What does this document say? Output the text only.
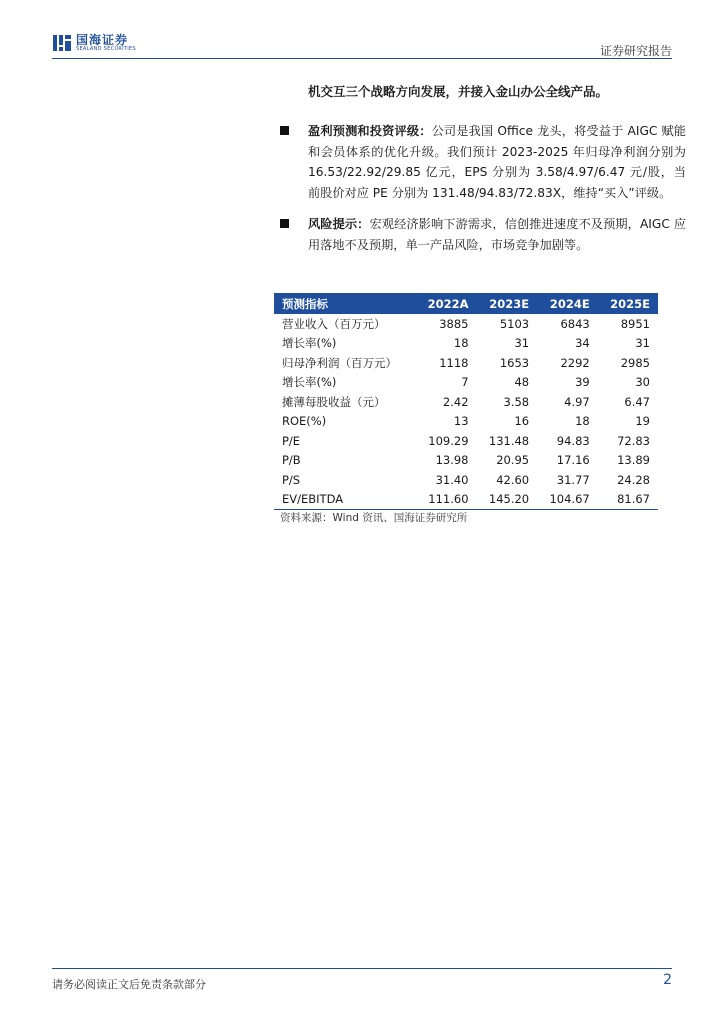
国海证券
SEALAND SECURITIES	证券研究报告
机交互三个战略方向发展，并接入金山办公全线产品。
盈利预测和投资评级：公司是我国 Office 龙头，将受益于 AIGC 赋能和会员体系的优化升级。我们预计 2023-2025 年归母净利润分别为 16.53/22.92/29.85 亿元，EPS 分别为 3.58/4.97/6.47 元/股，当前股价对应 PE 分别为 131.48/94.83/72.83X，维持“买入”评级。
风险提示：宏观经济影响下游需求，信创推进速度不及预期，AIGC 应用落地不及预期，单一产品风险，市场竞争加剧等。
预测指标	2022A	2023E	2024E	2025E
营业收入（百万元）	3885	5103	6843	8951
增长率(%)	18	31	34	31
归母净利润（百万元）	1118	1653	2292	2985
增长率(%)	7	48	39	30
摊薄每股收益（元）	2.42	3.58	4.97	6.47
ROE(%)	13	16	18	19
P/E	109.29	131.48	94.83	72.83
P/B	13.98	20.95	17.16	13.89
P/S	31.40	42.60	31.77	24.28
EV/EBITDA	111.60	145.20	104.67	81.67
资料来源：Wind 资讯、国海证券研究所
请务必阅读正文后免责条款部分	2
